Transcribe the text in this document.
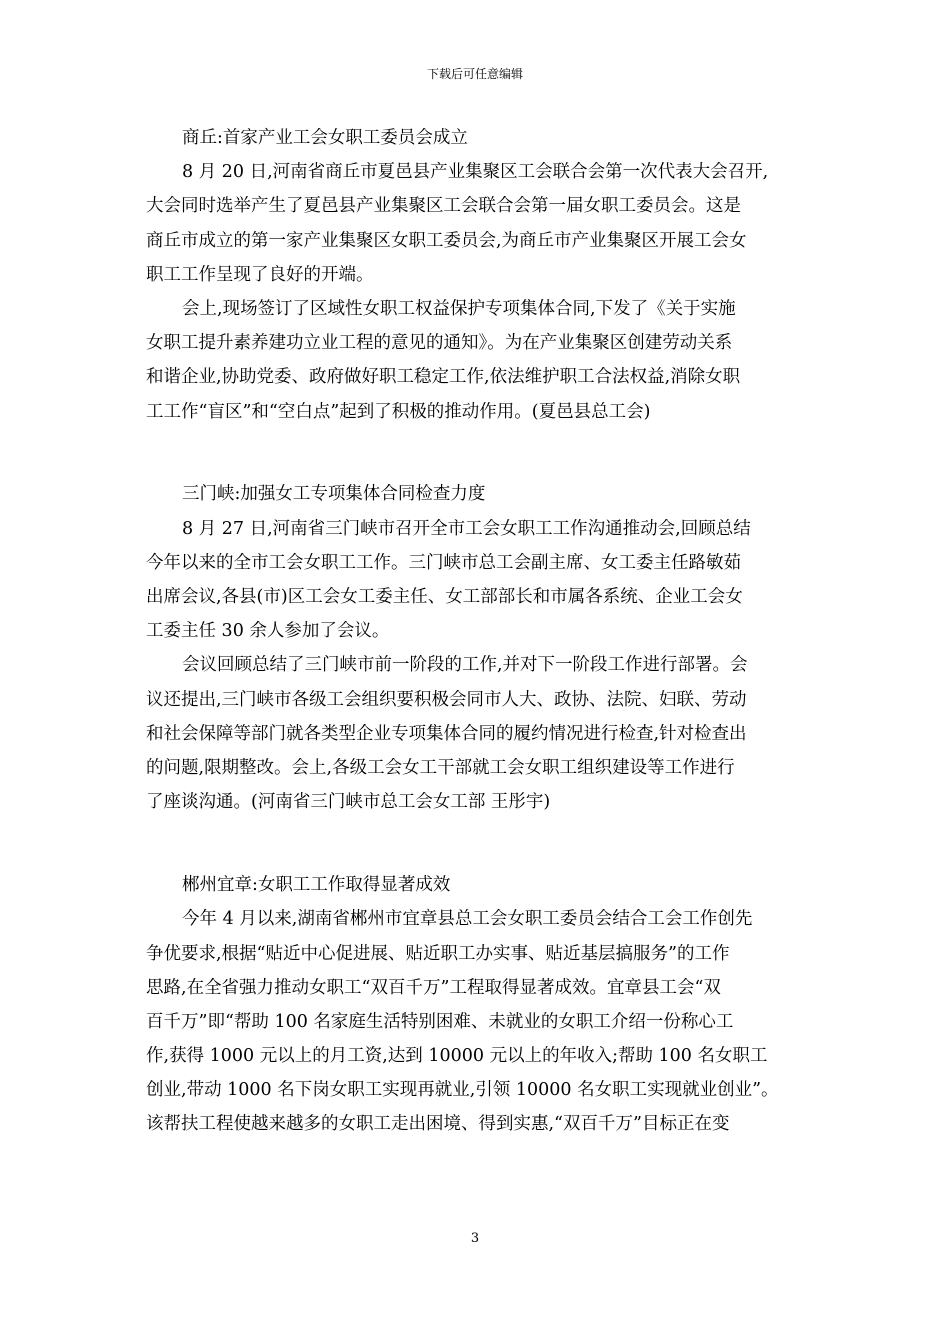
下载后可任意编辑
商丘:首家产业工会女职工委员会成立
8 月 20 日,河南省商丘市夏邑县产业集聚区工会联合会第一次代表大会召开,
大会同时选举产生了夏邑县产业集聚区工会联合会第一届女职工委员会。这是
商丘市成立的第一家产业集聚区女职工委员会,为商丘市产业集聚区开展工会女
职工工作呈现了良好的开端。
会上,现场签订了区域性女职工权益保护专项集体合同,下发了《关于实施
女职工提升素养建功立业工程的意见的通知》。为在产业集聚区创建劳动关系
和谐企业,协助党委、政府做好职工稳定工作,依法维护职工合法权益,消除女职
工工作“盲区”和“空白点”起到了积极的推动作用。(夏邑县总工会)
三门峡:加强女工专项集体合同检查力度
8 月 27 日,河南省三门峡市召开全市工会女职工工作沟通推动会,回顾总结
今年以来的全市工会女职工工作。三门峡市总工会副主席、女工委主任路敏茹
出席会议,各县(市)区工会女工委主任、女工部部长和市属各系统、企业工会女
工委主任 30 余人参加了会议。
会议回顾总结了三门峡市前一阶段的工作,并对下一阶段工作进行部署。会
议还提出,三门峡市各级工会组织要积极会同市人大、政协、法院、妇联、劳动
和社会保障等部门就各类型企业专项集体合同的履约情况进行检查,针对检查出
的问题,限期整改。会上,各级工会女工干部就工会女职工组织建设等工作进行
了座谈沟通。(河南省三门峡市总工会女工部 王彤宇)
郴州宜章:女职工工作取得显著成效
今年 4 月以来,湖南省郴州市宜章县总工会女职工委员会结合工会工作创先
争优要求,根据“贴近中心促进展、贴近职工办实事、贴近基层搞服务”的工作
思路,在全省强力推动女职工“双百千万”工程取得显著成效。宜章县工会“双
百千万”即“帮助 100 名家庭生活特别困难、未就业的女职工介绍一份称心工
作,获得 1000 元以上的月工资,达到 10000 元以上的年收入;帮助 100 名女职工
创业,带动 1000 名下岗女职工实现再就业,引领 10000 名女职工实现就业创业”。
该帮扶工程使越来越多的女职工走出困境、得到实惠,“双百千万”目标正在变
3
